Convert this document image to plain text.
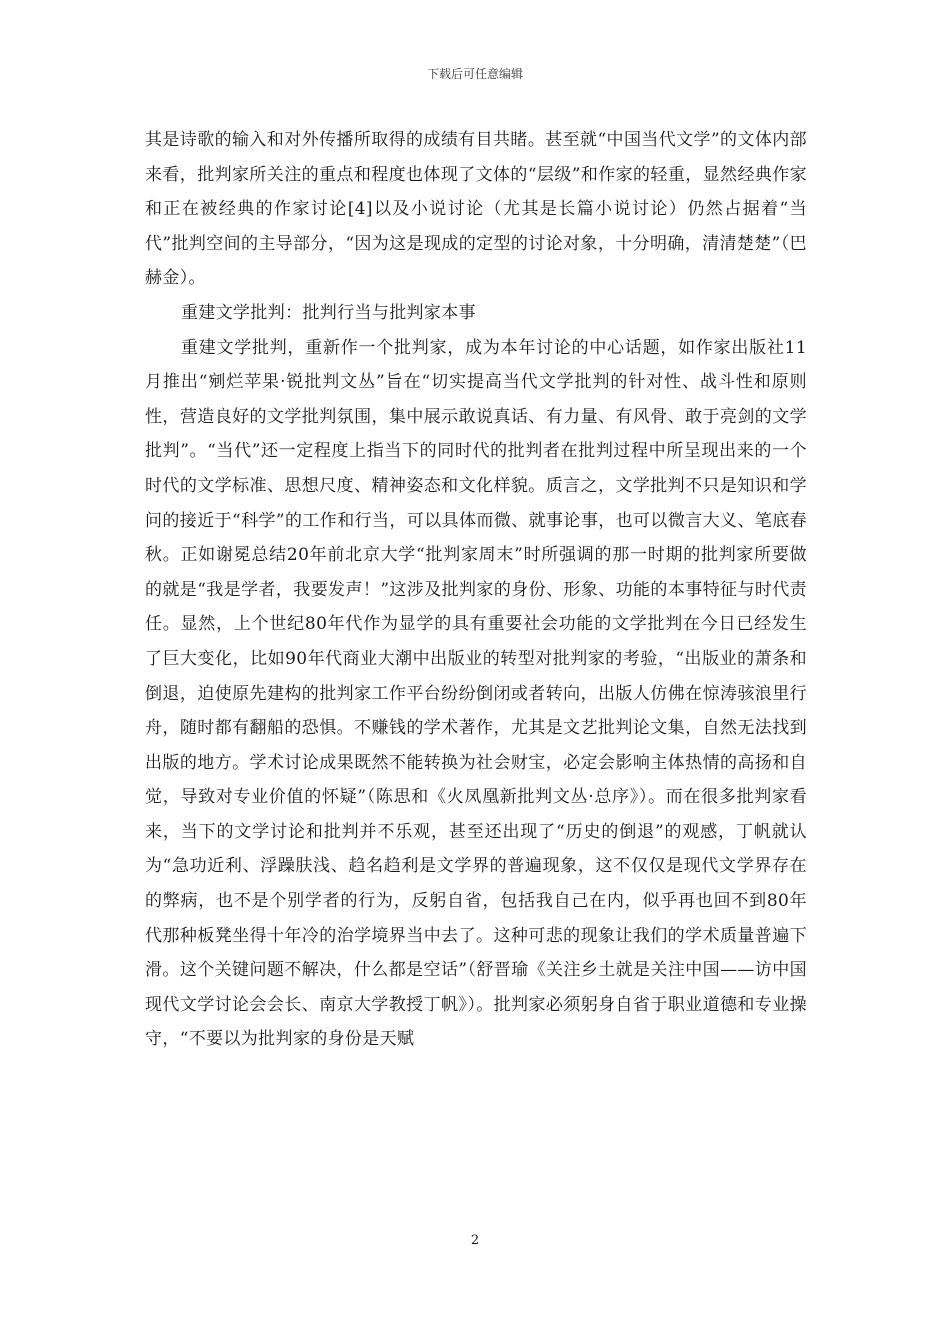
下载后可任意编辑

其是诗歌的输入和对外传播所取得的成绩有目共睹。甚至就“中国当代文学”的文体内部来看，批判家所关注的重点和程度也体现了文体的“层级”和作家的轻重，显然经典作家和正在被经典的作家讨论[4]以及小说讨论（尤其是长篇小说讨论）仍然占据着“当代”批判空间的主导部分，“因为这是现成的定型的讨论对象，十分明确，清清楚楚”（巴赫金）。

重建文学批判：批判行当与批判家本事

重建文学批判，重新作一个批判家，成为本年讨论的中心话题，如作家出版社11月推出“剜烂苹果·锐批判文丛”旨在“切实提高当代文学批判的针对性、战斗性和原则性，营造良好的文学批判氛围，集中展示敢说真话、有力量、有风骨、敢于亮剑的文学批判”。“当代”还一定程度上指当下的同时代的批判者在批判过程中所呈现出来的一个时代的文学标准、思想尺度、精神姿态和文化样貌。质言之，文学批判不只是知识和学问的接近于“科学”的工作和行当，可以具体而微、就事论事，也可以微言大义、笔底春秋。正如谢冕总结20年前北京大学“批判家周末”时所强调的那一时期的批判家所要做的就是“我是学者，我要发声！”这涉及批判家的身份、形象、功能的本事特征与时代责任。显然，上个世纪80年代作为显学的具有重要社会功能的文学批判在今日已经发生了巨大变化，比如90年代商业大潮中出版业的转型对批判家的考验，“出版业的萧条和倒退，迫使原先建构的批判家工作平台纷纷倒闭或者转向，出版人仿佛在惊涛骇浪里行舟，随时都有翻船的恐惧。不赚钱的学术著作，尤其是文艺批判论文集，自然无法找到出版的地方。学术讨论成果既然不能转换为社会财宝，必定会影响主体热情的高扬和自觉，导致对专业价值的怀疑”（陈思和《火凤凰新批判文丛·总序》）。而在很多批判家看来，当下的文学讨论和批判并不乐观，甚至还出现了“历史的倒退”的观感，丁帆就认为“急功近利、浮躁肤浅、趋名趋利是文学界的普遍现象，这不仅仅是现代文学界存在的弊病，也不是个别学者的行为，反躬自省，包括我自己在内，似乎再也回不到80年代那种板凳坐得十年冷的治学境界当中去了。这种可悲的现象让我们的学术质量普遍下滑。这个关键问题不解决，什么都是空话”（舒晋瑜《关注乡土就是关注中国——访中国现代文学讨论会会长、南京大学教授丁帆》）。批判家必须躬身自省于职业道德和专业操守，“不要以为批判家的身份是天赋

2
